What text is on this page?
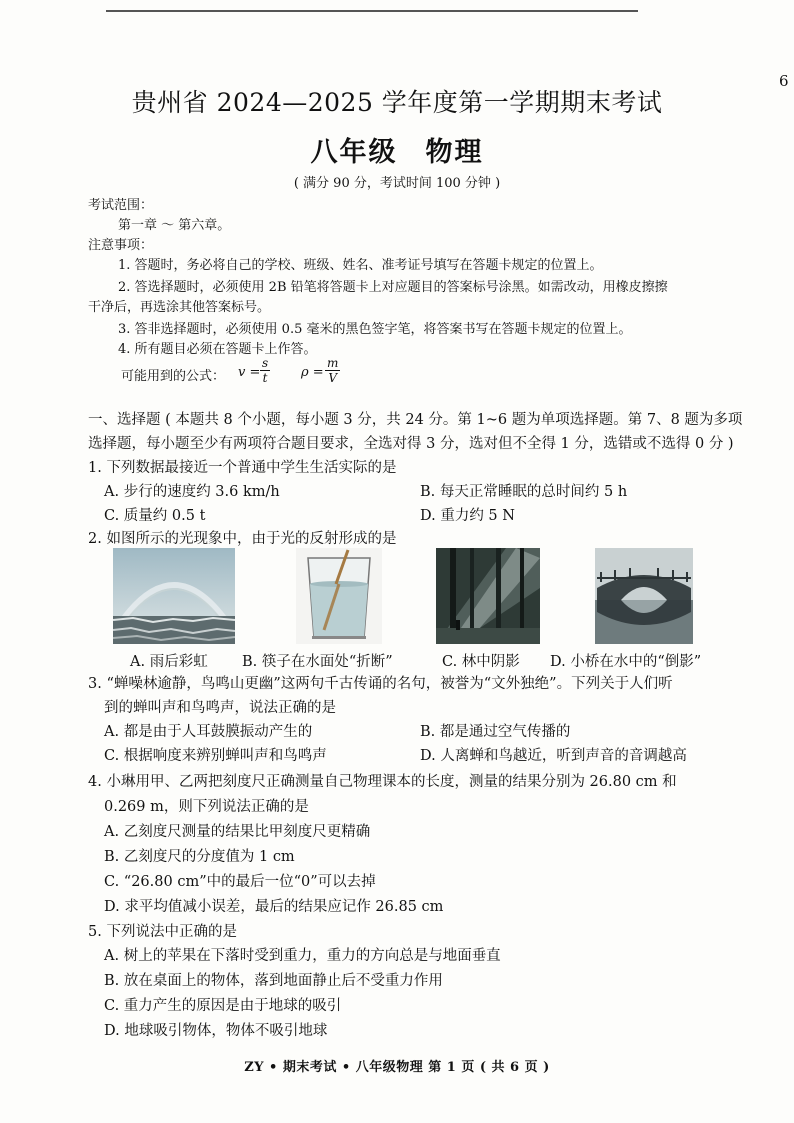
6
贵州省 2024—2025 学年度第一学期期末考试
八年级 物理
( 满分 90 分，考试时间 100 分钟 )
考试范围：
第一章 ～ 第六章。
注意事项：
1. 答题时，务必将自己的学校、班级、姓名、准考证号填写在答题卡规定的位置上。
2. 答选择题时，必须使用 2B 铅笔将答题卡上对应题目的答案标号涂黑。如需改动，用橡皮擦擦
干净后，再选涂其他答案标号。
3. 答非选择题时，必须使用 0.5 毫米的黑色签字笔，将答案书写在答题卡规定的位置上。
4. 所有题目必须在答题卡上作答。
可能用到的公式： $v = \frac{s}{t}$ $\rho = \frac{m}{V}$
一、选择题 ( 本题共 8 个小题，每小题 3 分，共 24 分。第 1~6 题为单项选择题。第 7、8 题为多项
选择题，每小题至少有两项符合题目要求，全选对得 3 分，选对但不全得 1 分，选错或不选得 0 分 )
1. 下列数据最接近一个普通中学生生活实际的是
A. 步行的速度约 3.6 km/h	B. 每天正常睡眠的总时间约 5 h
C. 质量约 0.5 t	D. 重力约 5 N
2. 如图所示的光现象中，由于光的反射形成的是
A. 雨后彩虹 B. 筷子在水面处“折断”	C. 林中阴影 D. 小桥在水中的“倒影”
3. “蝉噪林逾静，鸟鸣山更幽”这两句千古传诵的名句，被誉为“文外独绝”。下列关于人们听
到的蝉叫声和鸟鸣声，说法正确的是
A. 都是由于人耳鼓膜振动产生的	B. 都是通过空气传播的
C. 根据响度来辨别蝉叫声和鸟鸣声	D. 人离蝉和鸟越近，听到声音的音调越高
4. 小琳用甲、乙两把刻度尺正确测量自己物理课本的长度，测量的结果分别为 26.80 cm 和
0.269 m，则下列说法正确的是
A. 乙刻度尺测量的结果比甲刻度尺更精确
B. 乙刻度尺的分度值为 1 cm
C. “26.80 cm”中的最后一位“0”可以去掉
D. 求平均值减小误差，最后的结果应记作 26.85 cm
5. 下列说法中正确的是
A. 树上的苹果在下落时受到重力，重力的方向总是与地面垂直
B. 放在桌面上的物体，落到地面静止后不受重力作用
C. 重力产生的原因是由于地球的吸引
D. 地球吸引物体，物体不吸引地球
ZY • 期末考试 • 八年级物理 第 1 页 ( 共 6 页 )
